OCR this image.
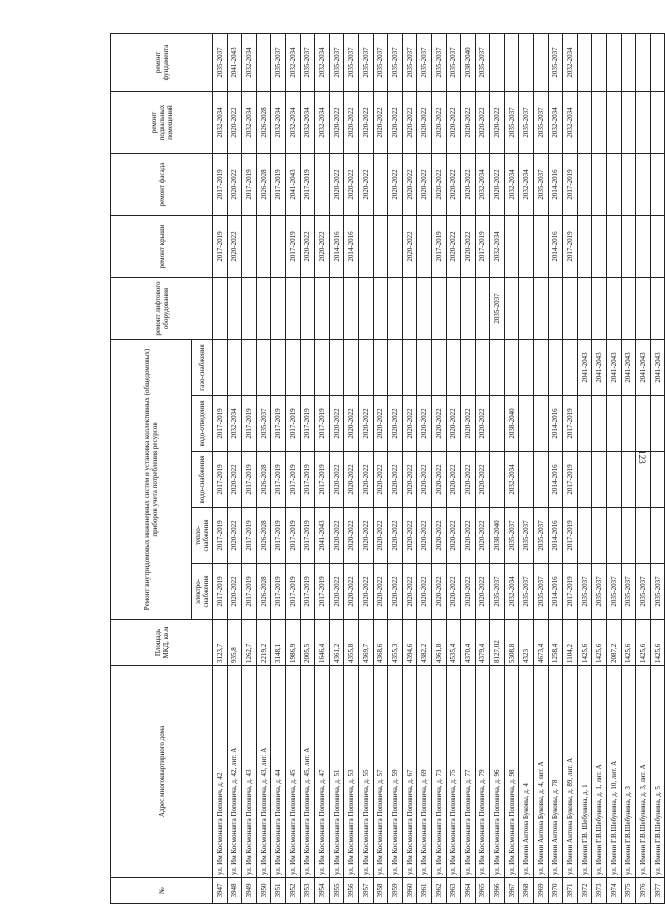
123
№	Адрес многоквартирного дома	Площадь МКД, кв.м	Ремонт внутридомовых инженерных систем и установка коллективных (общедомовых) приборов учета потребления ресурсов					ремонт лифтового оборудования	ремонт крыши	ремонт фасада	ремонт подвальных помещений	ремонт фундамента
			электро-снабжения	тепло-снабжения	водо-снабжения	водо-отведения	газо-снабжения					
3947	ул. Им Космонавта Попович, д. 42	3123,7	2017-2019	2017-2019	2017-2019	2017-2019			2017-2019	2017-2019	2032-2034	2035-2037
3948	ул. Им Космонавта Поповича, д. 42, лит. А	935,8	2020-2022	2020-2022	2020-2022	2032-2034			2020-2022	2020-2022	2020-2022	2041-2043
3949	ул. Им Космонавта Поповича, д. 43	1262,7	2017-2019	2017-2019	2017-2019	2017-2019				2017-2019	2032-2034	2032-2034
3950	ул. Им Космонавта Поповича, д. 43, лит. А	2219,2	2026-2028	2026-2028	2026-2028	2035-2037				2026-2028	2026-2028	
3951	ул. Им Космонавта Поповича, д. 44	3148,1	2017-2019	2017-2019	2017-2019	2017-2019				2017-2019	2032-2034	2035-2037
3952	ул. Им Космонавта Поповича, д. 45	1986,9	2017-2019	2017-2019	2017-2019	2017-2019			2017-2019	2041-2043	2032-2034	2032-2034
3953	ул. Им Космонавта Поповича, д. 45, лит. А	2005,5	2017-2019	2017-2019	2017-2019	2017-2019			2020-2022	2017-2019	2032-2034	2035-2037
3954	ул. Им Космонавта Поповича, д. 47	1646,4	2017-2019	2041-2043	2017-2019	2017-2019			2020-2022		2032-2034	2032-2034
3955	ул. Им Космонавта Поповича, д. 51	4361,2	2020-2022	2020-2022	2020-2022	2020-2022			2014-2016	2020-2022	2020-2022	2035-2037
3956	ул. Им Космонавта Поповича, д. 53	4355,8	2020-2022	2020-2022	2020-2022	2020-2022			2014-2016	2020-2022	2020-2022	2035-2037
3957	ул. Им Космонавта Поповича, д. 55	4369,7	2020-2022	2020-2022	2020-2022	2020-2022				2020-2022	2020-2022	2035-2037
3958	ул. Им Космонавта Поповича, д. 57	4368,6	2020-2022	2020-2022	2020-2022	2020-2022					2020-2022	2035-2037
3959	ул. Им Космонавта Поповича, д. 59	4355,3	2020-2022	2020-2022	2020-2022	2020-2022				2020-2022	2020-2022	2035-2037
3960	ул. Им Космонавта Поповича, д. 67	4394,6	2020-2022	2020-2022	2020-2022	2020-2022			2020-2022	2020-2022	2020-2022	2035-2037
3961	ул. Им Космонавта Поповича, д. 69	4382,2	2020-2022	2020-2022	2020-2022	2020-2022				2020-2022	2020-2022	2035-2037
3962	ул. Им Космонавта Поповича, д. 73	4361,8	2020-2022	2020-2022	2020-2022	2020-2022			2017-2019	2020-2022	2020-2022	2035-2037
3963	ул. Им Космонавта Поповича, д. 75	4535,4	2020-2022	2020-2022	2020-2022	2020-2022			2020-2022	2020-2022	2020-2022	2035-2037
3964	ул. Им Космонавта Поповича, д. 77	4370,4	2020-2022	2020-2022	2020-2022	2020-2022			2020-2022	2020-2022	2020-2022	2038-2040
3965	ул. Им Космонавта Поповича, д. 79	4379,4	2020-2022	2020-2022	2020-2022	2020-2022			2017-2019	2032-2034	2020-2022	2035-2037
3966	ул. Им Космонавта Поповича, д. 96	8127,02	2035-2037	2038-2040				2035-2037	2032-2034	2020-2022	2020-2022	
3967	ул. Им Космонавта Поповича, д. 98	5308,8	2032-2034	2035-2037	2032-2034	2038-2040				2032-2034	2035-2037	
3968	ул. Имени Антона Буковы, д. 4	4323	2035-2037	2035-2037						2032-2034	2035-2037	
3969	ул. Имени Антона Буковы, д. 4, лит. А	4673,4	2035-2037	2035-2037						2035-2037	2035-2037	
3970	ул. Имени Антона Буковы, д. 78	1258,4	2014-2016	2014-2016	2014-2016	2014-2016			2014-2016	2014-2016	2032-2034	2035-2037
3971	ул. Имени Антона Буковы, д. 89, лит. А	1104,2	2017-2019	2017-2019	2017-2019	2017-2019			2017-2019	2017-2019	2032-2034	2032-2034
3972	ул. Имени Г.В. Шебунина, д. 1	1425,6	2035-2037				2041-2043					
3973	ул. Имени Г.В.Шебунина, д. 1, лит. А	1425,6	2035-2037				2041-2043					
3974	ул. Имени Г.В.Шебунина, д. 10, лит. А	2087,2	2035-2037				2041-2043					
3975	ул. Имени Г.В.Шебунина, д. 3	1425,6	2035-2037				2041-2043					
3976	ул. Имени Г.В.Шебунина, д. 3, лит. А	1425,6	2035-2037				2041-2043					
3977	ул. Имени Г.В.Шебунина, д. 5	1425,6	2035-2037				2041-2043					
